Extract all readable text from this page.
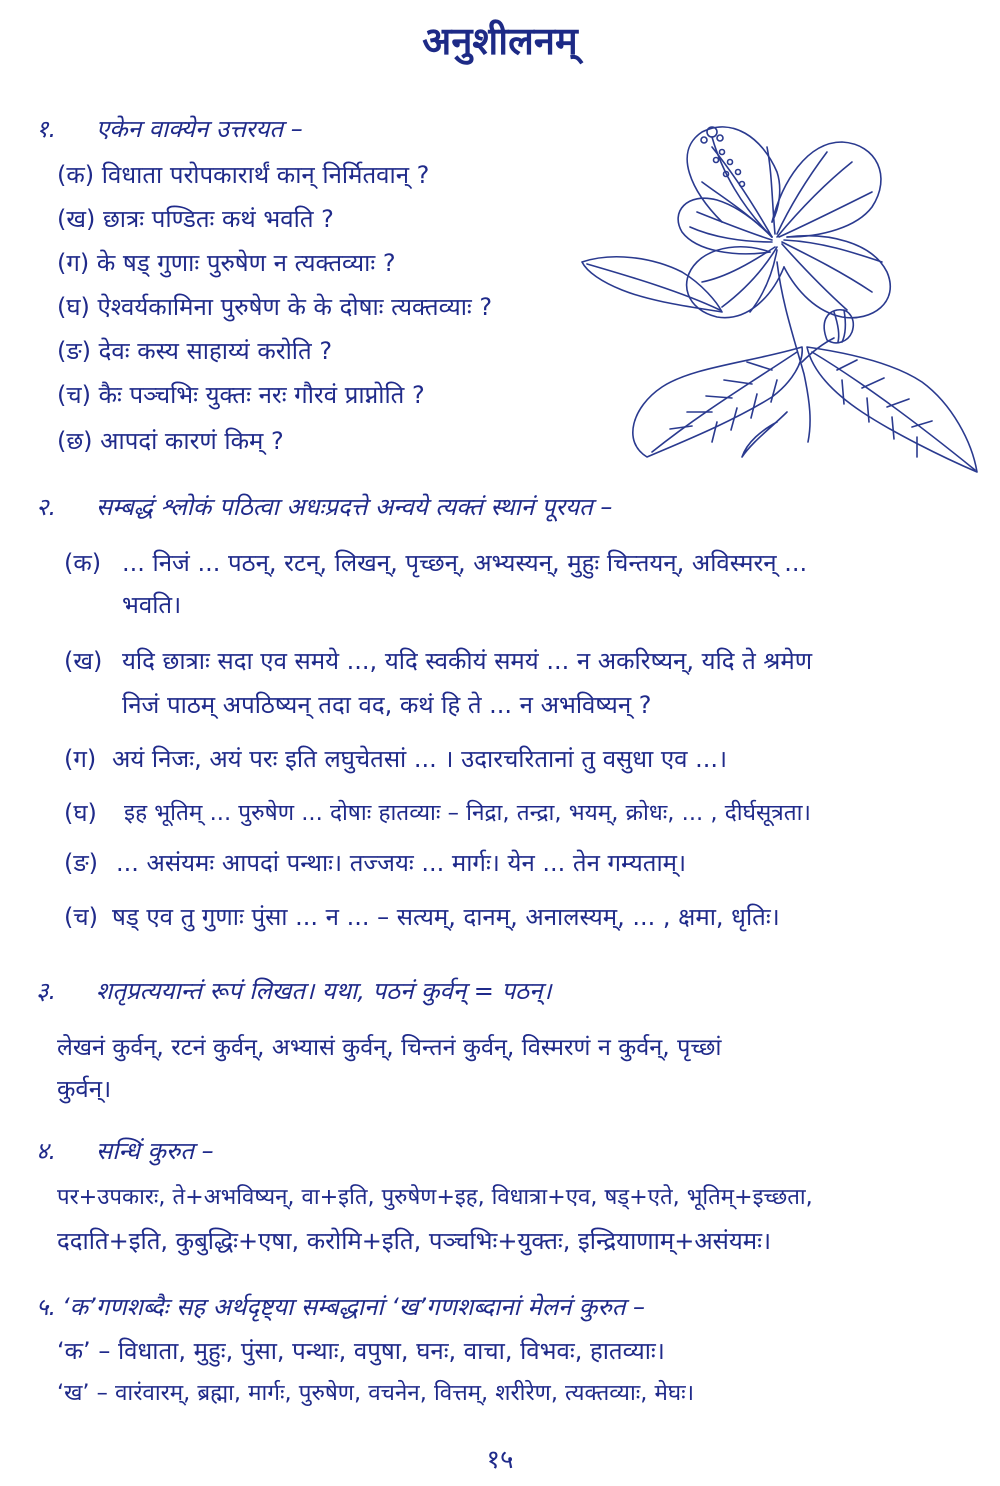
अनुशीलनम्
१. एकेन वाक्येन उत्तरयत –
(क) विधाता परोपकारार्थं कान् निर्मितवान् ?
(ख) छात्रः पण्डितः कथं भवति ?
(ग) के षड् गुणाः पुरुषेण न त्यक्तव्याः ?
(घ) ऐश्वर्यकामिना पुरुषेण के के दोषाः त्यक्तव्याः ?
(ङ) देवः कस्य साहाय्यं करोति ?
(च) कैः पञ्चभिः युक्तः नरः गौरवं प्राप्नोति ?
(छ) आपदां कारणं किम् ?
२. सम्बद्धं श्लोकं पठित्वा अधःप्रदत्ते अन्वये त्यक्तं स्थानं पूरयत –
(क) ... निजं ... पठन्, रटन्, लिखन्, पृच्छन्, अभ्यस्यन्, मुहुः चिन्तयन्, अविस्मरन् ...
भवति।
(ख) यदि छात्राः सदा एव समये ..., यदि स्वकीयं समयं ... न अकरिष्यन्, यदि ते श्रमेण
निजं पाठम् अपठिष्यन् तदा वद, कथं हि ते ... न अभविष्यन् ?
(ग) अयं निजः, अयं परः इति लघुचेतसां ... । उदारचरितानां तु वसुधा एव ...।
(घ) इह भूतिम् ... पुरुषेण ... दोषाः हातव्याः – निद्रा, तन्द्रा, भयम्, क्रोधः, ... , दीर्घसूत्रता।
(ङ) ... असंयमः आपदां पन्थाः। तज्जयः ... मार्गः। येन ... तेन गम्यताम्।
(च) षड् एव तु गुणाः पुंसा ... न ... – सत्यम्, दानम्, अनालस्यम्, ... , क्षमा, धृतिः।
३. शतृप्रत्ययान्तं रूपं लिखत। यथा, पठनं कुर्वन् = पठन्।
लेखनं कुर्वन्, रटनं कुर्वन्, अभ्यासं कुर्वन्, चिन्तनं कुर्वन्, विस्मरणं न कुर्वन्, पृच्छां
कुर्वन्।
४. सन्धिं कुरुत –
पर+उपकारः, ते+अभविष्यन्, वा+इति, पुरुषेण+इह, विधात्रा+एव, षड्+एते, भूतिम्+इच्छता,
ददाति+इति, कुबुद्धिः+एषा, करोमि+इति, पञ्चभिः+युक्तः, इन्द्रियाणाम्+असंयमः।
५. ‘क’गणशब्दैः सह अर्थदृष्ट्या सम्बद्धानां ‘ख’गणशब्दानां मेलनं कुरुत –
‘क’ – विधाता, मुहुः, पुंसा, पन्थाः, वपुषा, घनः, वाचा, विभवः, हातव्याः।
‘ख’ – वारंवारम्, ब्रह्मा, मार्गः, पुरुषेण, वचनेन, वित्तम्, शरीरेण, त्यक्तव्याः, मेघः।
१५
